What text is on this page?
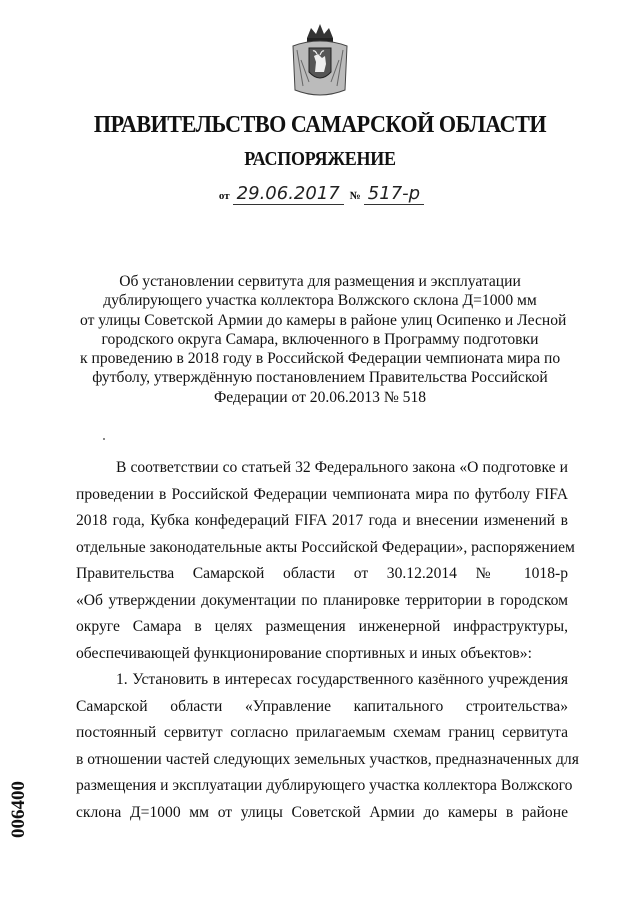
ПРАВИТЕЛЬСТВО САМАРСКОЙ ОБЛАСТИ
РАСПОРЯЖЕНИЕ
от 29.06.2017 № 517-р
Об установлении сервитута для размещения и эксплуатации
дублирующего участка коллектора Волжского склона Д=1000 мм
от улицы Советской Армии до камеры в районе улиц Осипенко и Лесной
городского округа Самара, включенного в Программу подготовки
к проведению в 2018 году в Российской Федерации чемпионата мира по
футболу, утверждённую постановлением Правительства Российской
Федерации от 20.06.2013 № 518
В соответствии со статьей 32 Федерального закона «О подготовке и
проведении в Российской Федерации чемпионата мира по футболу FIFA
2018 года, Кубка конфедераций FIFA 2017 года и внесении изменений в
отдельные законодательные акты Российской Федерации», распоряжением
Правительства Самарской области от 30.12.2014 № 1018-р
«Об утверждении документации по планировке территории в городском
округе Самара в целях размещения инженерной инфраструктуры,
обеспечивающей функционирование спортивных и иных объектов»:
1. Установить в интересах государственного казённого учреждения
Самарской области «Управление капитального строительства»
постоянный сервитут согласно прилагаемым схемам границ сервитута
в отношении частей следующих земельных участков, предназначенных для
размещения и эксплуатации дублирующего участка коллектора Волжского
склона Д=1000 мм от улицы Советской Армии до камеры в районе
006400
